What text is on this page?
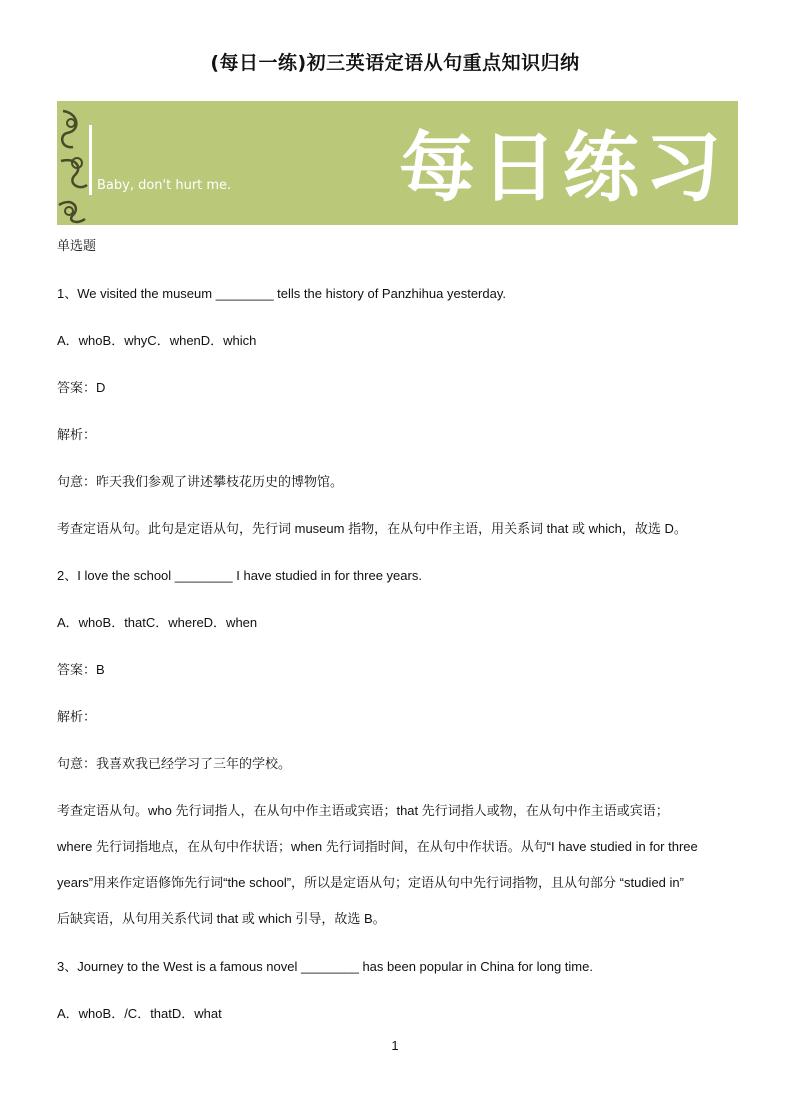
(每日一练)初三英语定语从句重点知识归纳
Baby, don't hurt me. 每日练习
单选题
1、We visited the museum ________ tells the history of Panzhihua yesterday.
A．whoB．whyC．whenD．which
答案：D
解析：
句意：昨天我们参观了讲述攀枝花历史的博物馆。
考查定语从句。此句是定语从句，先行词 museum 指物，在从句中作主语，用关系词 that 或 which，故选 D。
2、I love the school ________ I have studied in for three years.
A．whoB．thatC．whereD．when
答案：B
解析：
句意：我喜欢我已经学习了三年的学校。
考查定语从句。who 先行词指人，在从句中作主语或宾语；that 先行词指人或物，在从句中作主语或宾语；
where 先行词指地点，在从句中作状语；when 先行词指时间，在从句中作状语。从句“I have studied in for three
years”用来作定语修饰先行词“the school”，所以是定语从句；定语从句中先行词指物，且从句部分 “studied in”
后缺宾语，从句用关系代词 that 或 which 引导，故选 B。
3、Journey to the West is a famous novel ________ has been popular in China for long time.
A．whoB．/C．thatD．what
1
